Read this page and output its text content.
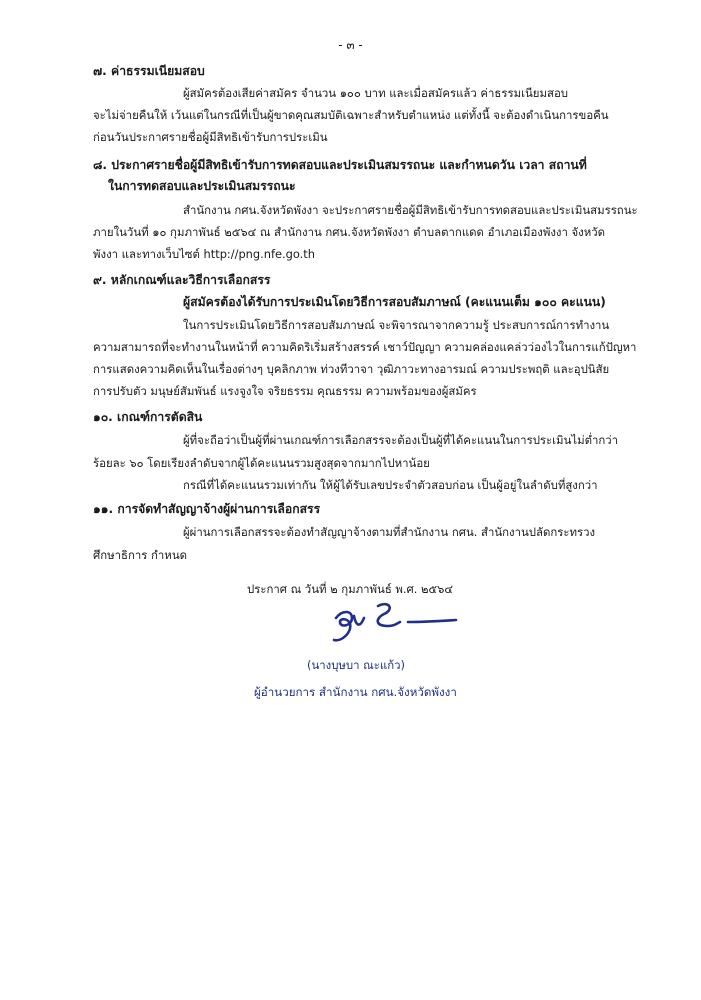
- ๓ -
๗. ค่าธรรมเนียมสอบ
ผู้สมัครต้องเสียค่าสมัคร จำนวน ๑๐๐ บาท และเมื่อสมัครแล้ว ค่าธรรมเนียมสอบ
จะไม่จ่ายคืนให้ เว้นแต่ในกรณีที่เป็นผู้ขาดคุณสมบัติเฉพาะสำหรับตำแหน่ง แต่ทั้งนี้ จะต้องดำเนินการขอคืน
ก่อนวันประกาศรายชื่อผู้มีสิทธิเข้ารับการประเมิน
๘. ประกาศรายชื่อผู้มีสิทธิเข้ารับการทดสอบและประเมินสมรรถนะ และกำหนดวัน เวลา สถานที่
ในการทดสอบและประเมินสมรรถนะ
สำนักงาน กศน.จังหวัดพังงา จะประกาศรายชื่อผู้มีสิทธิเข้ารับการทดสอบและประเมินสมรรถนะ
ภายในวันที่ ๑๐ กุมภาพันธ์ ๒๕๖๔ ณ สำนักงาน กศน.จังหวัดพังงา ตำบลตากแดด อำเภอเมืองพังงา จังหวัด
พังงา และทางเว็บไซต์ http://png.nfe.go.th
๙. หลักเกณฑ์และวิธีการเลือกสรร
ผู้สมัครต้องได้รับการประเมินโดยวิธีการสอบสัมภาษณ์ (คะแนนเต็ม ๑๐๐ คะแนน)
ในการประเมินโดยวิธีการสอบสัมภาษณ์ จะพิจารณาจากความรู้ ประสบการณ์การทำงาน
ความสามารถที่จะทำงานในหน้าที่ ความคิดริเริ่มสร้างสรรค์ เชาว์ปัญญา ความคล่องแคล่วว่องไวในการแก้ปัญหา
การแสดงความคิดเห็นในเรื่องต่างๆ บุคลิกภาพ ท่วงทีวาจา วุฒิภาวะทางอารมณ์ ความประพฤติ และอุปนิสัย
การปรับตัว มนุษย์สัมพันธ์ แรงจูงใจ จริยธรรม คุณธรรม ความพร้อมของผู้สมัคร
๑๐. เกณฑ์การตัดสิน
ผู้ที่จะถือว่าเป็นผู้ที่ผ่านเกณฑ์การเลือกสรรจะต้องเป็นผู้ที่ได้คะแนนในการประเมินไม่ต่ำกว่า
ร้อยละ ๖๐ โดยเรียงลำดับจากผู้ได้คะแนนรวมสูงสุดจากมากไปหาน้อย
กรณีที่ได้คะแนนรวมเท่ากัน ให้ผู้ได้รับเลขประจำตัวสอบก่อน เป็นผู้อยู่ในลำดับที่สูงกว่า
๑๑. การจัดทำสัญญาจ้างผู้ผ่านการเลือกสรร
ผู้ผ่านการเลือกสรรจะต้องทำสัญญาจ้างตามที่สำนักงาน กศน. สำนักงานปลัดกระทรวง
ศึกษาธิการ กำหนด
ประกาศ ณ วันที่ ๒ กุมภาพันธ์ พ.ศ. ๒๕๖๔
(นางบุษบา ณะแก้ว)
ผู้อำนวยการ สำนักงาน กศน.จังหวัดพังงา
